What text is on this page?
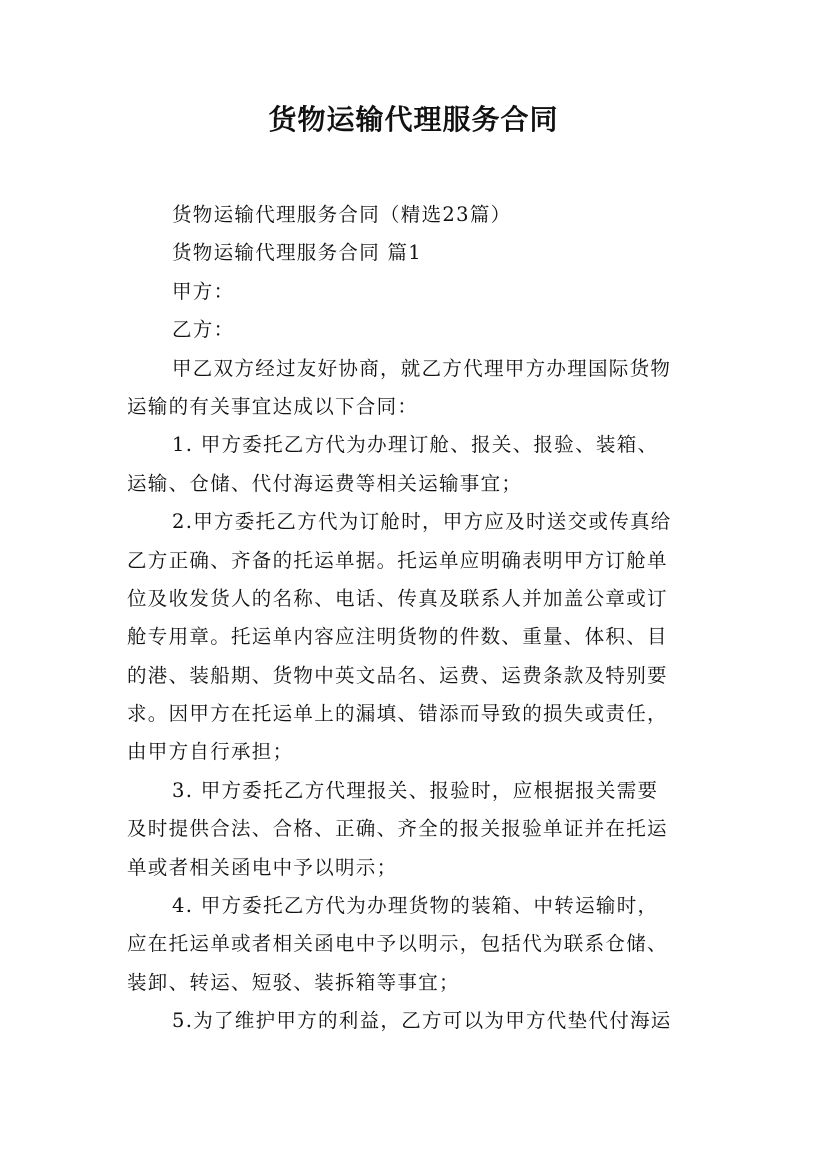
货物运输代理服务合同
货物运输代理服务合同（精选23篇）
货物运输代理服务合同 篇1
甲方：
乙方：
甲乙双方经过友好协商，就乙方代理甲方办理国际货物
运输的有关事宜达成以下合同：
1. 甲方委托乙方代为办理订舱、报关、报验、装箱、
运输、仓储、代付海运费等相关运输事宜；
2.甲方委托乙方代为订舱时，甲方应及时送交或传真给
乙方正确、齐备的托运单据。托运单应明确表明甲方订舱单
位及收发货人的名称、电话、传真及联系人并加盖公章或订
舱专用章。托运单内容应注明货物的件数、重量、体积、目
的港、装船期、货物中英文品名、运费、运费条款及特别要
求。因甲方在托运单上的漏填、错添而导致的损失或责任，
由甲方自行承担；
3. 甲方委托乙方代理报关、报验时，应根据报关需要
及时提供合法、合格、正确、齐全的报关报验单证并在托运
单或者相关函电中予以明示；
4. 甲方委托乙方代为办理货物的装箱、中转运输时，
应在托运单或者相关函电中予以明示，包括代为联系仓储、
装卸、转运、短驳、装拆箱等事宜；
5.为了维护甲方的利益，乙方可以为甲方代垫代付海运
